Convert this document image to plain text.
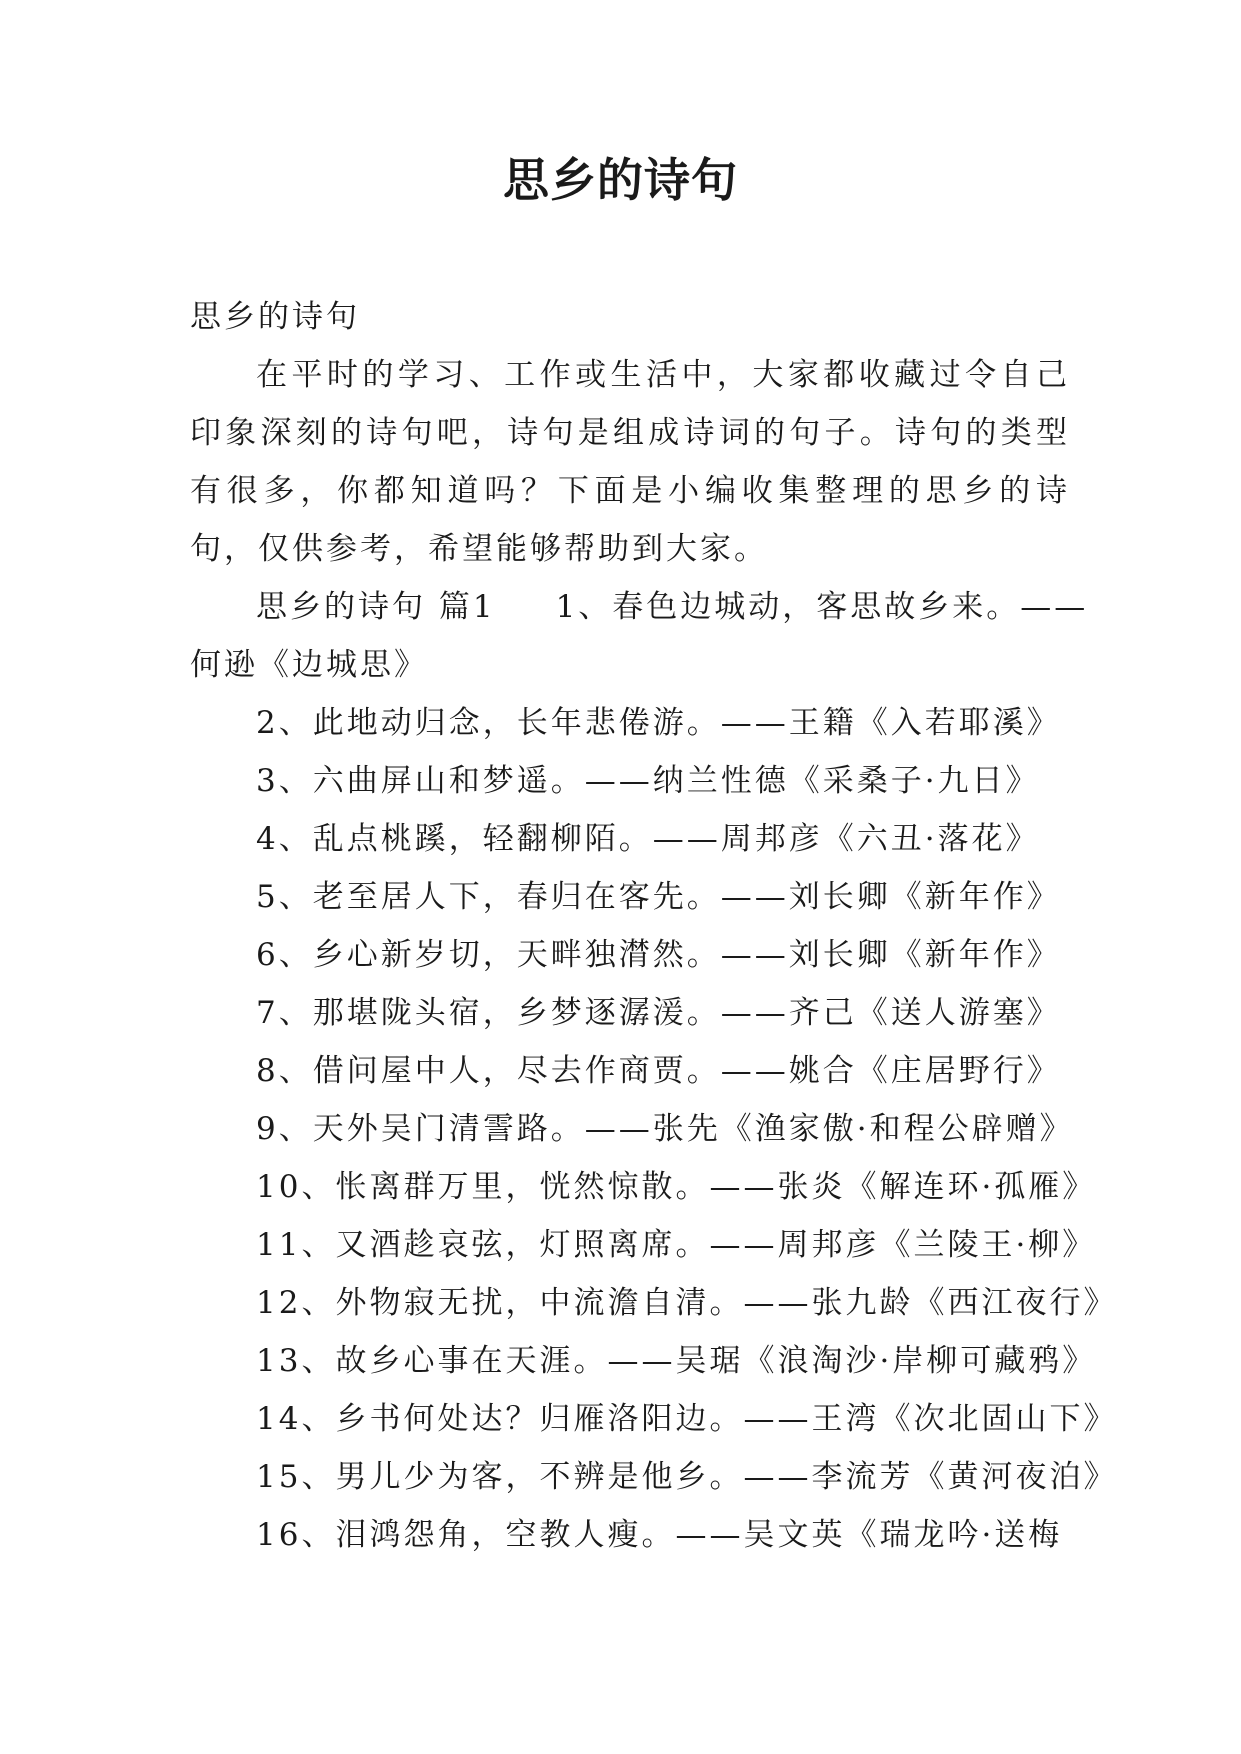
思乡的诗句

思乡的诗句

在平时的学习、工作或生活中，大家都收藏过令自己印象深刻的诗句吧，诗句是组成诗词的句子。诗句的类型有很多，你都知道吗？下面是小编收集整理的思乡的诗句，仅供参考，希望能够帮助到大家。

思乡的诗句 篇1 1、春色边城动，客思故乡来。——

何逊《边城思》

2、此地动归念，长年悲倦游。——王籍《入若耶溪》

3、六曲屏山和梦遥。——纳兰性德《采桑子·九日》

4、乱点桃蹊，轻翻柳陌。——周邦彦《六丑·落花》

5、老至居人下，春归在客先。——刘长卿《新年作》

6、乡心新岁切，天畔独潸然。——刘长卿《新年作》

7、那堪陇头宿，乡梦逐潺湲。——齐己《送人游塞》

8、借问屋中人，尽去作商贾。——姚合《庄居野行》

9、天外吴门清霅路。——张先《渔家傲·和程公辟赠》

10、怅离群万里，恍然惊散。——张炎《解连环·孤雁》

11、又酒趁哀弦，灯照离席。——周邦彦《兰陵王·柳》

12、外物寂无扰，中流澹自清。——张九龄《西江夜行》

13、故乡心事在天涯。——吴琚《浪淘沙·岸柳可藏鸦》

14、乡书何处达？归雁洛阳边。——王湾《次北固山下》

15、男儿少为客，不辨是他乡。——李流芳《黄河夜泊》

16、泪鸿怨角，空教人瘦。——吴文英《瑞龙吟·送梅
